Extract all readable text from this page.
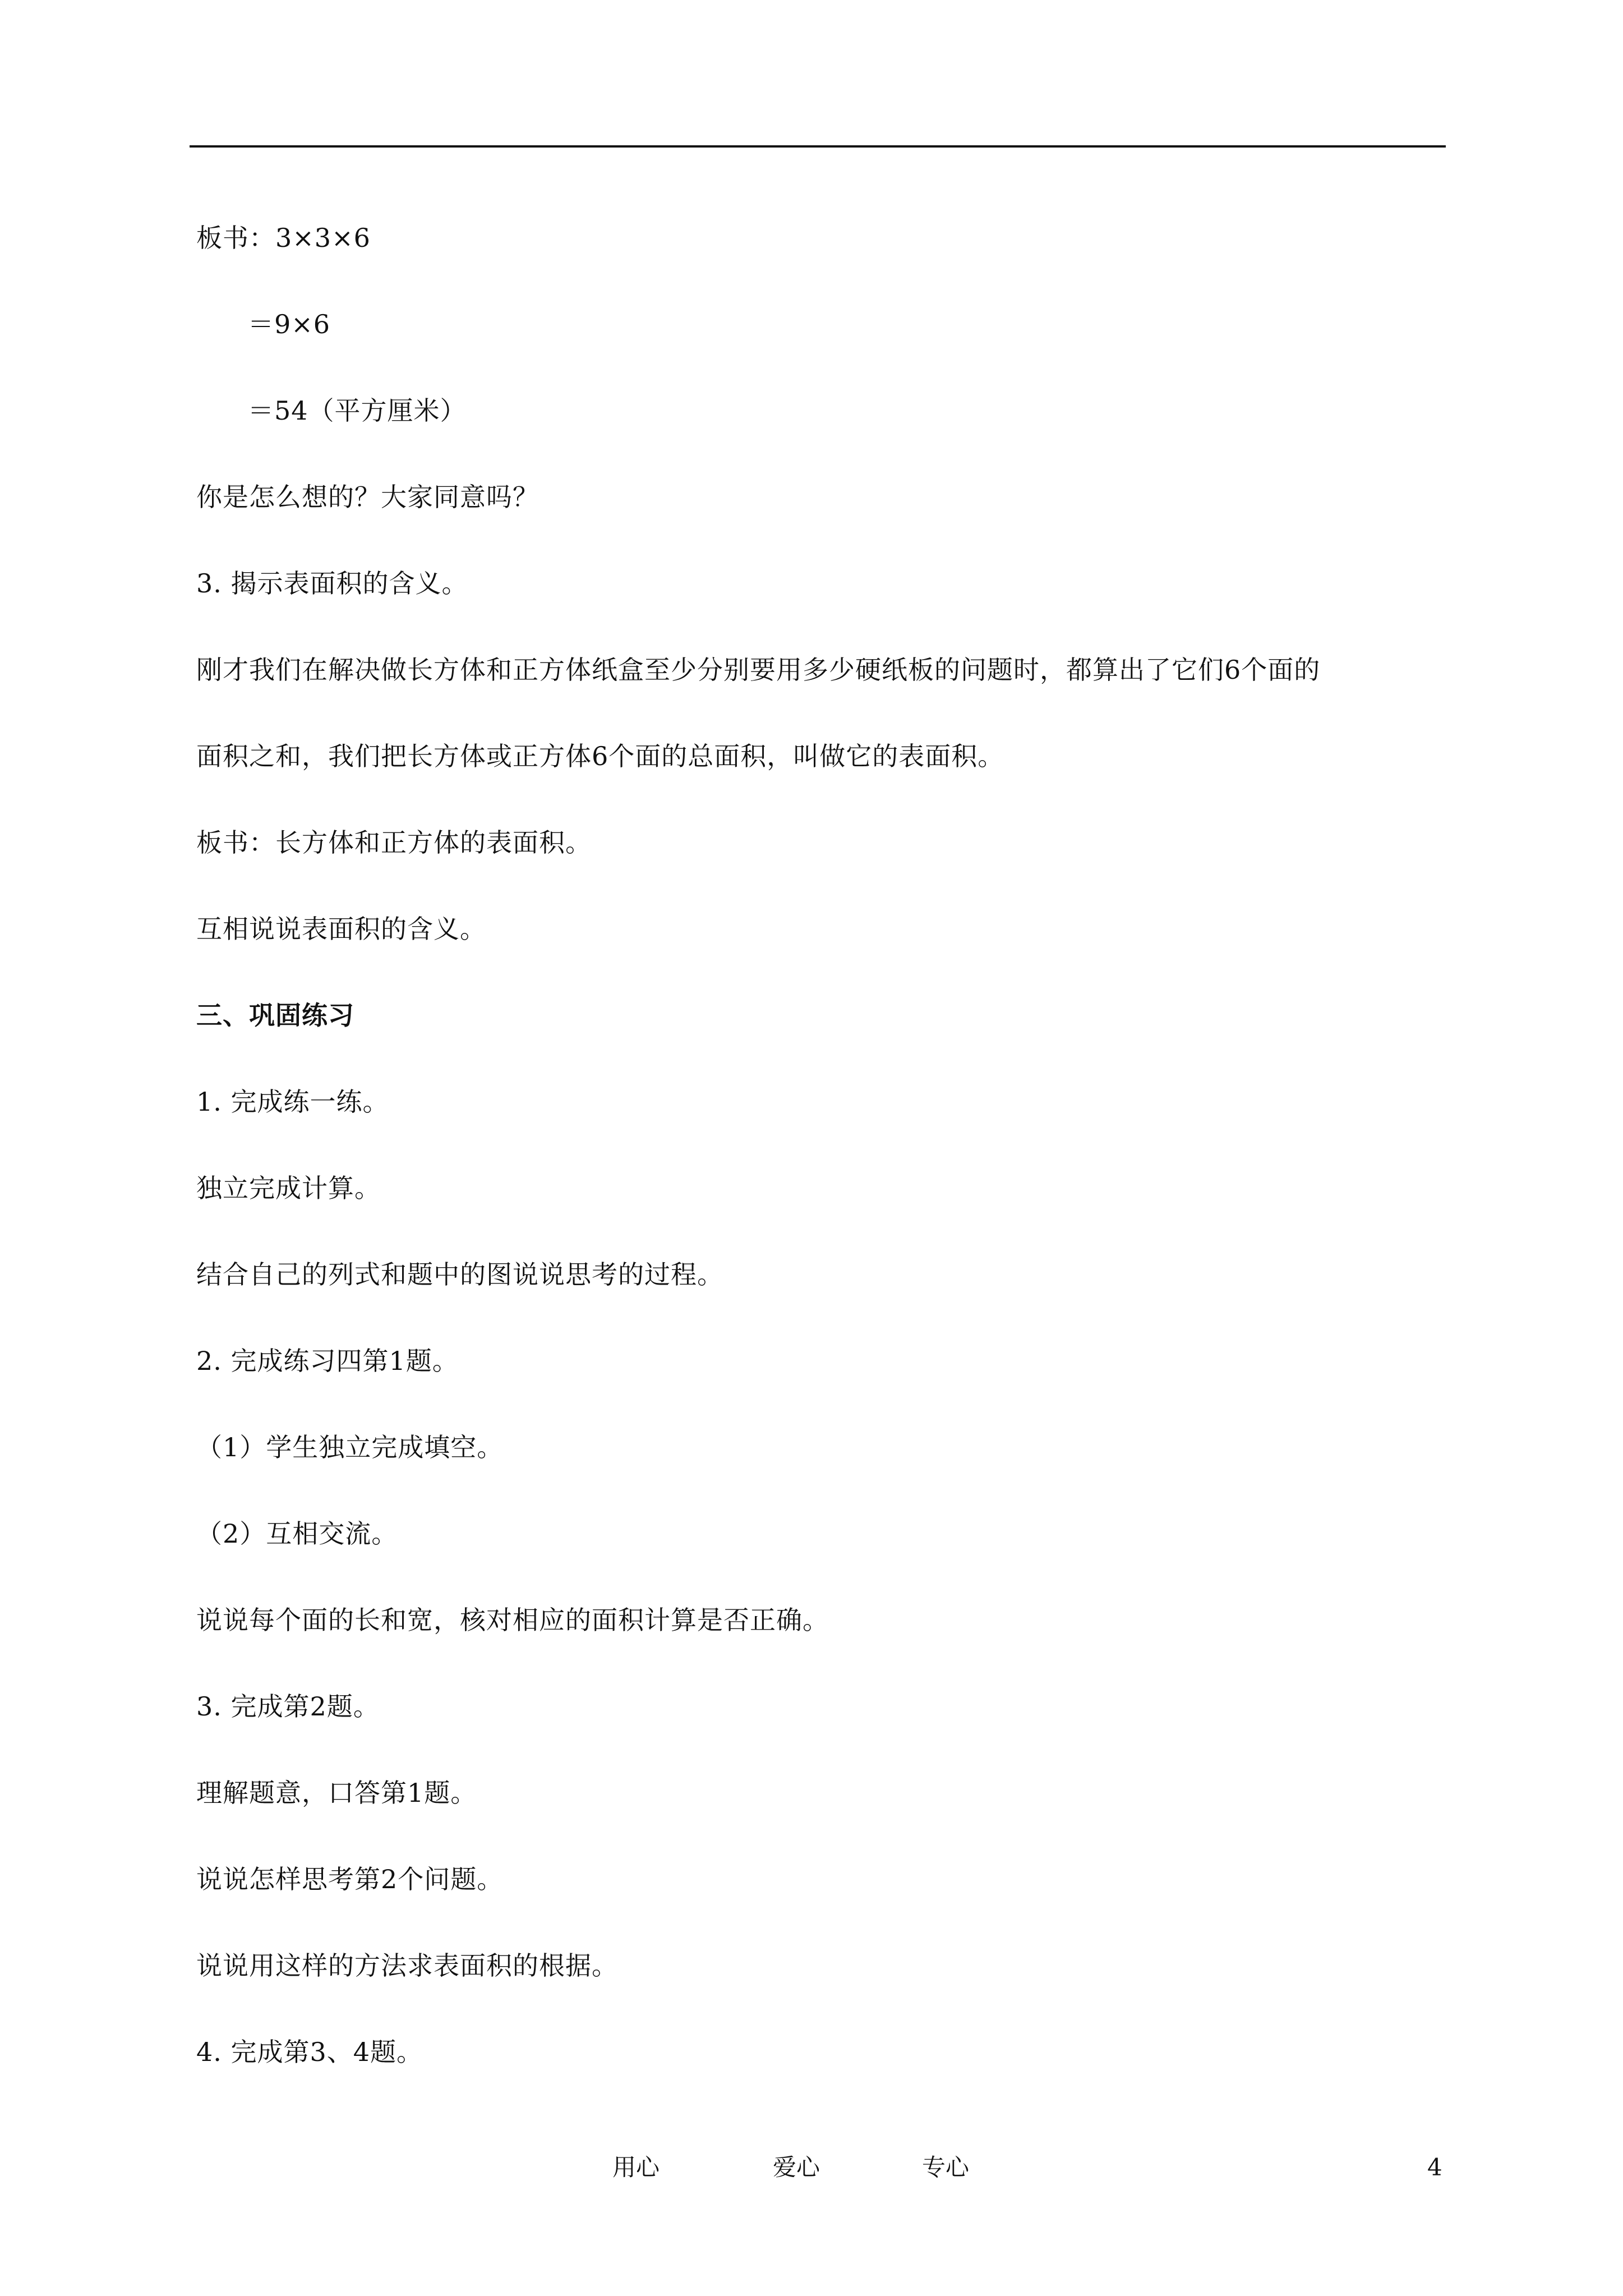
板书：3×3×6
＝9×6
＝54（平方厘米）
你是怎么想的？大家同意吗？
3. 揭示表面积的含义。
刚才我们在解决做长方体和正方体纸盒至少分别要用多少硬纸板的问题时，都算出了它们6个面的
面积之和，我们把长方体或正方体6个面的总面积，叫做它的表面积。
板书：长方体和正方体的表面积。
互相说说表面积的含义。
三、巩固练习
1. 完成练一练。
独立完成计算。
结合自己的列式和题中的图说说思考的过程。
2. 完成练习四第1题。
（1）学生独立完成填空。
（2）互相交流。
说说每个面的长和宽，核对相应的面积计算是否正确。
3. 完成第2题。
理解题意，口答第1题。
说说怎样思考第2个问题。
说说用这样的方法求表面积的根据。
4. 完成第3、4题。
用心	爱心	专心	4
